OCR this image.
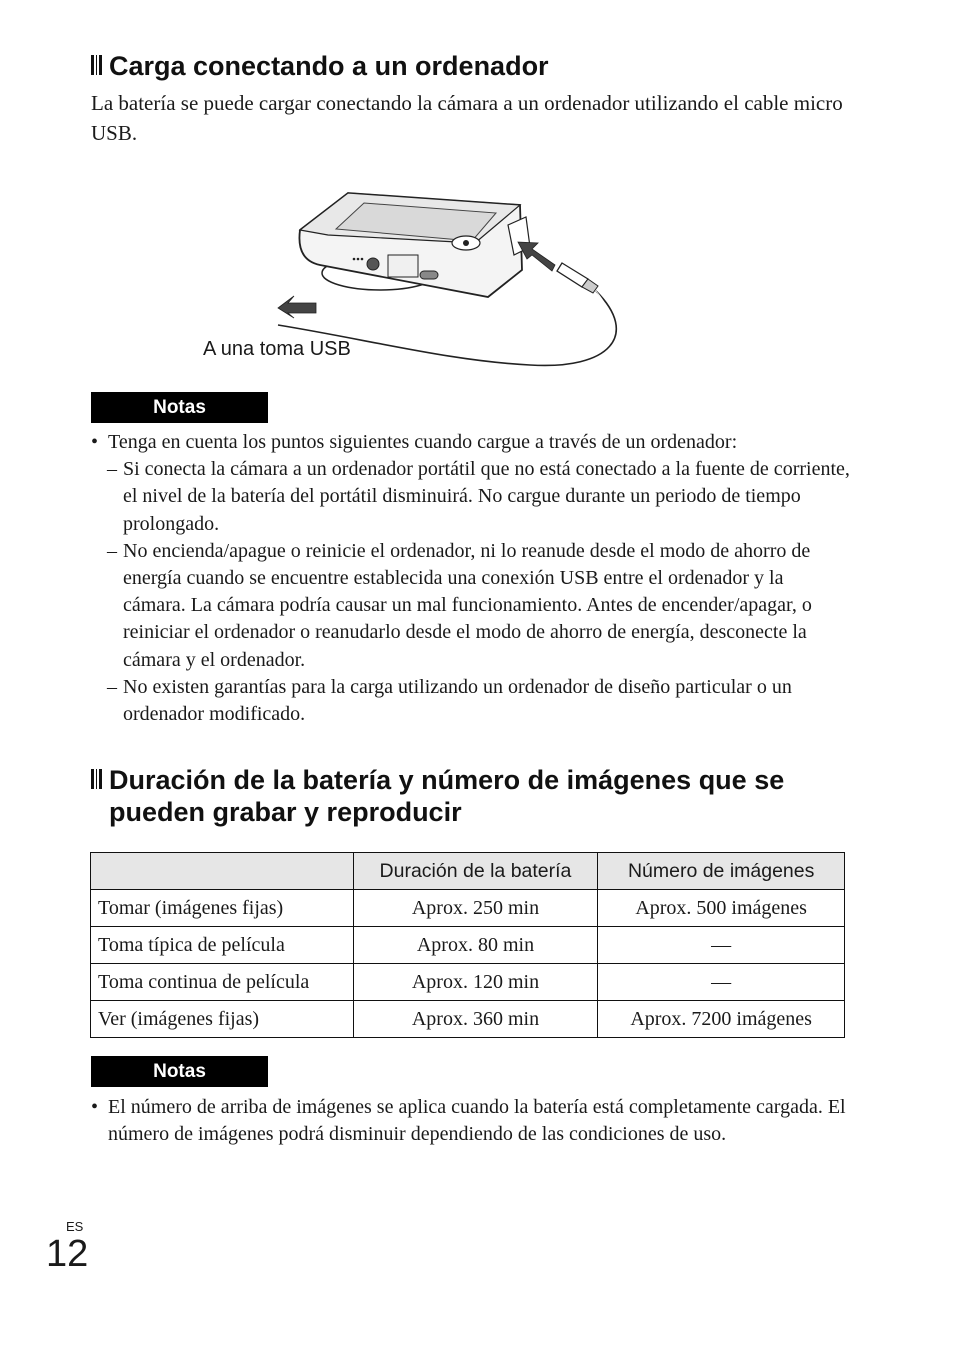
Carga conectando a un ordenador
La batería se puede cargar conectando la cámara a un ordenador utilizando el cable micro USB.
A una toma USB
Notas
• Tenga en cuenta los puntos siguientes cuando cargue a través de un ordenador:
– Si conecta la cámara a un ordenador portátil que no está conectado a la fuente de corriente, el nivel de la batería del portátil disminuirá. No cargue durante un periodo de tiempo prolongado.
– No encienda/apague o reinicie el ordenador, ni lo reanude desde el modo de ahorro de energía cuando se encuentre establecida una conexión USB entre el ordenador y la cámara. La cámara podría causar un mal funcionamiento. Antes de encender/apagar, o reiniciar el ordenador o reanudarlo desde el modo de ahorro de energía, desconecte la cámara y el ordenador.
– No existen garantías para la carga utilizando un ordenador de diseño particular o un ordenador modificado.
Duración de la batería y número de imágenes que se
pueden grabar y reproducir
	Duración de la batería	Número de imágenes
Tomar (imágenes fijas)	Aprox. 250 min	Aprox. 500 imágenes
Toma típica de película	Aprox. 80 min	—
Toma continua de película	Aprox. 120 min	—
Ver (imágenes fijas)	Aprox. 360 min	Aprox. 7200 imágenes
Notas
• El número de arriba de imágenes se aplica cuando la batería está completamente cargada. El número de imágenes podrá disminuir dependiendo de las condiciones de uso.
ES
12
